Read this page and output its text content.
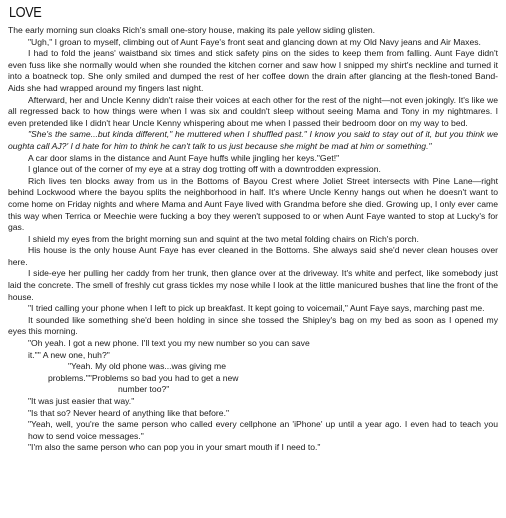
LOVE

The early morning sun cloaks Rich's small one-story house, making its pale yellow siding glisten.

"Ugh," I groan to myself, climbing out of Aunt Faye's front seat and glancing down at my Old Navy jeans and Air Maxes.

I had to fold the jeans' waistband six times and stick safety pins on the sides to keep them from falling. Aunt Faye didn't even fuss like she normally would when she rounded the kitchen corner and saw how I snipped my shirt's neckline and turned it into a boatneck top. She only smiled and dumped the rest of her coffee down the drain after glancing at the flesh-toned Band-Aids she had wrapped around my fingers last night.

Afterward, her and Uncle Kenny didn't raise their voices at each other for the rest of the night—not even jokingly. It's like we all regressed back to how things were when I was six and couldn't sleep without seeing Mama and Tony in my nightmares. I even pretended like I didn't hear Uncle Kenny whispering about me when I passed their bedroom door on my way to bed.

"She's the same...but kinda different," he muttered when I shuffled past." I know you said to stay out of it, but you think we oughta call AJ?' I d hate for him to think he can't talk to us just because she might be mad at him or something."

A car door slams in the distance and Aunt Faye huffs while jingling her keys."Get!"

I glance out of the corner of my eye at a stray dog trotting off with a downtrodden expression.

Rich lives ten blocks away from us in the Bottoms of Bayou Crest where Joliet Street intersects with Pine Lane—right behind Lockwood where the bayou splits the neighborhood in half. It's where Uncle Kenny hangs out when he doesn't want to come home on Friday nights and where Mama and Aunt Faye lived with Grandma before she died. Growing up, I only ever came this way when Terrica or Meechie were fucking a boy they weren't supposed to or when Aunt Faye wanted to stop at Lucky's for gas.

I shield my eyes from the bright morning sun and squint at the two metal folding chairs on Rich's porch.

His house is the only house Aunt Faye has ever cleaned in the Bottoms. She always said she'd never clean houses over here.

I side-eye her pulling her caddy from her trunk, then glance over at the driveway. It's white and perfect, like somebody just laid the concrete. The smell of freshly cut grass tickles my nose while I look at the little manicured bushes that line the front of the house.

"I tried calling your phone when I left to pick up breakfast. It kept going to voicemail," Aunt Faye says, marching past me.

It sounded like something she'd been holding in since she tossed the Shipley's bag on my bed as soon as I opened my eyes this morning.

"Oh yeah. I got a new phone. I'll text you my new number so you can save

it."" A new one, huh?"

"Yeah. My old phone was...was giving me

problems.""Problems so bad you had to get a new

number too?"

"It was just easier that way."

"Is that so? Never heard of anything like that before."

"Yeah, well, you're the same person who called every cellphone an 'iPhone' up until a year ago. I even had to teach you how to send voice messages."

"I'm also the same person who can pop you in your smart mouth if I need to."
